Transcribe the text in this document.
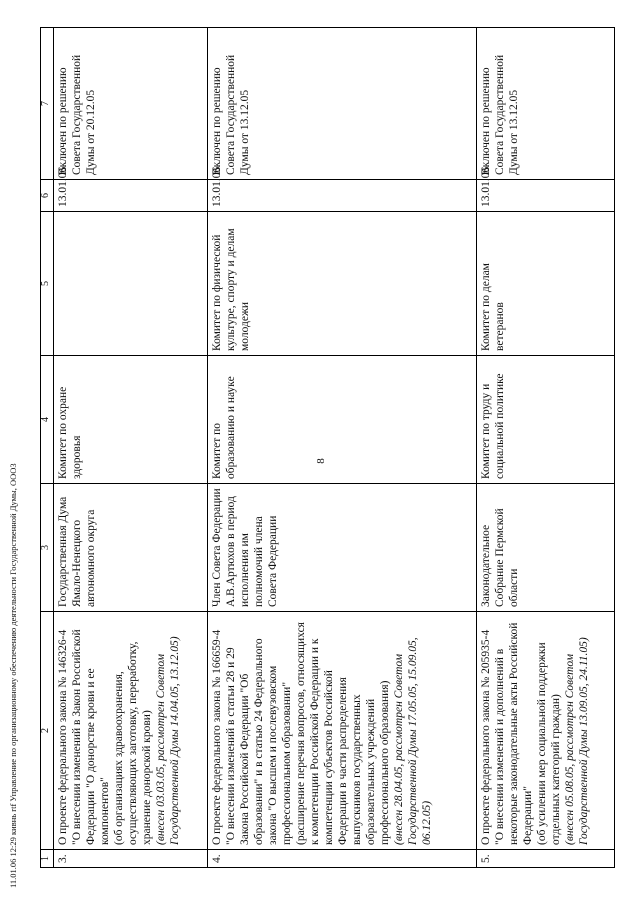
8
1	2	3	4	5	6	7
3.	О проекте федерального закона № 146326-4 "О внесении изменений в Закон Российской Федерации "О донорстве крови и ее компонентов" (об организациях здравоохранения, осуществляющих заготовку, переработку, хранение донорской крови) (внесен 03.03.05, рассмотрен Советом Государственной Думы 14.04.05, 13.12.05)	Государственная Дума Ямало-Ненецкого автономного округа	Комитет по охране здоровья		13.01.06	Включен по решению Совета Государственной Думы от 20.12.05
4.	О проекте федерального закона № 166659-4 "О внесении изменений в статьи 28 и 29 Закона Российской Федерации "Об образовании" и в статью 24 Федерального закона "О высшем и послевузовском профессиональном образовании" (расширение перечня вопросов, относящихся к компетенции Российской Федерации и к компетенции субъектов Российской Федерации в части распределения выпускников государственных образовательных учреждений профессионального образования) (внесен 28.04.05, рассмотрен Советом Государственной Думы 17.05.05, 15.09.05, 06.12.05)	Член Совета Федерации А.В.Артюхов в период исполнения им полномочий члена Совета Федерации	Комитет по образованию и науке	Комитет по физической культуре, спорту и делам молодежи	13.01.06	Включен по решению Совета Государственной Думы от 13.12.05
5.	О проекте федерального закона № 205935-4 "О внесении изменений и дополнений в некоторые законодательные акты Российской Федерации" (об усилении мер социальной поддержки отдельных категорий граждан) (внесен 05.08.05, рассмотрен Советом Государственной Думы 13.09.05, 24.11.05)	Законодательное Собрание Пермской области	Комитет по труду и социальной политике	Комитет по делам ветеранов	13.01.06	Включен по решению Совета Государственной Думы от 13.12.05
11.01.06 12:29 кивнь rtf Управление по организационному обеспечению деятельности Государственной Думы, ООО3
